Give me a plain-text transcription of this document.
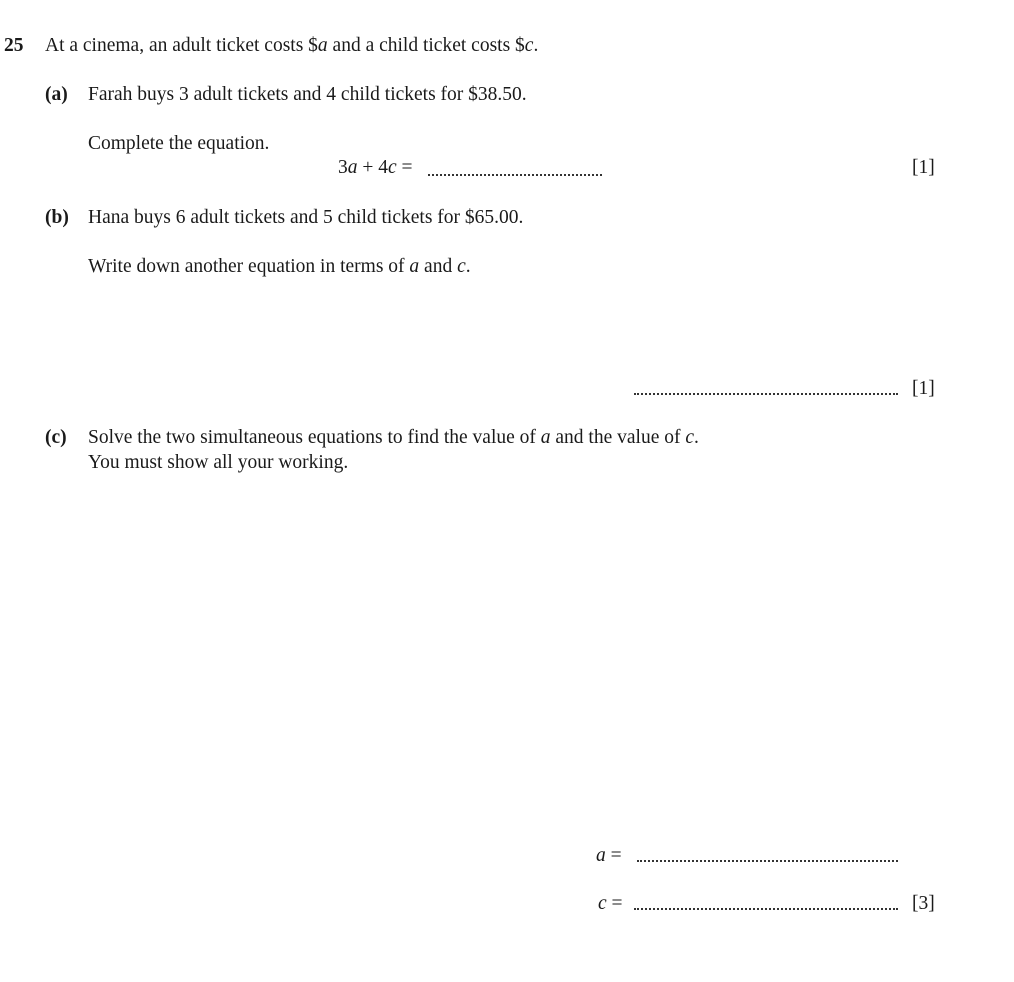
25 At a cinema, an adult ticket costs $a and a child ticket costs $c.
(a) Farah buys 3 adult tickets and 4 child tickets for $38.50.
Complete the equation.
3a + 4c =	[1]
(b) Hana buys 6 adult tickets and 5 child tickets for $65.00.
Write down another equation in terms of a and c.
[1]
(c) Solve the two simultaneous equations to find the value of a and the value of c.
You must show all your working.
a =
c =	[3]
